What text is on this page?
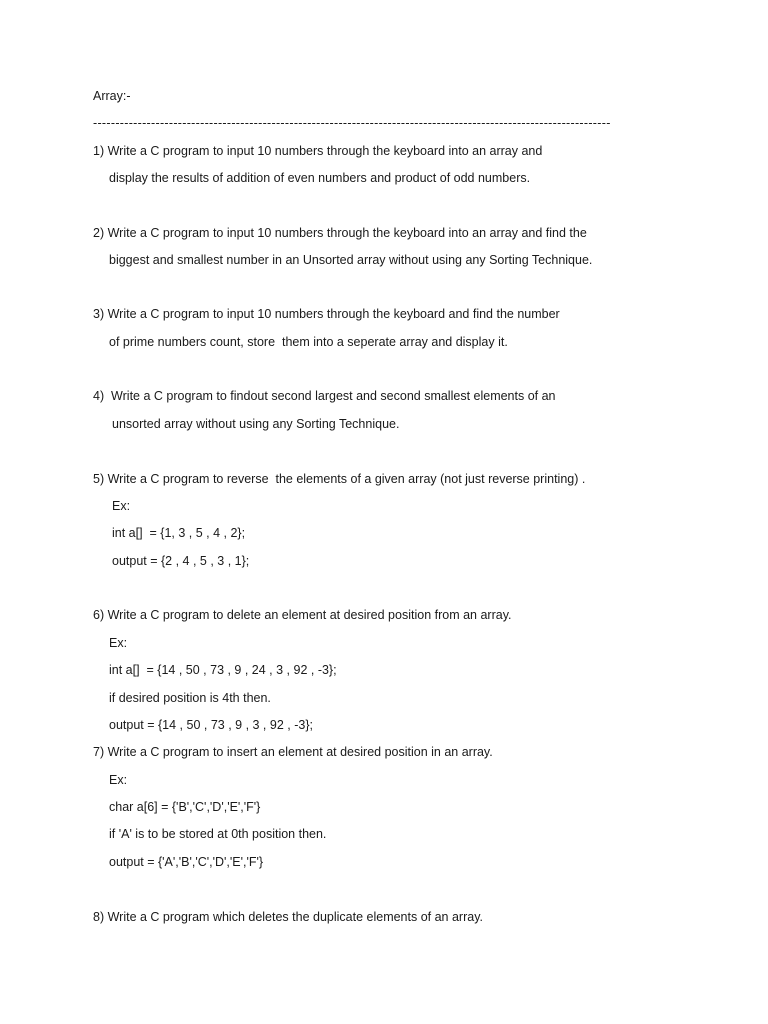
Array:-
--------------------------------------------------------------------------------------------------------------------
1) Write a C program to input 10 numbers through the keyboard into an array and
display the results of addition of even numbers and product of odd numbers.
2) Write a C program to input 10 numbers through the keyboard into an array and find the
biggest and smallest number in an Unsorted array without using any Sorting Technique.
3) Write a C program to input 10 numbers through the keyboard and find the number
of prime numbers count, store  them into a seperate array and display it.
4)  Write a C program to findout second largest and second smallest elements of an
unsorted array without using any Sorting Technique.
5) Write a C program to reverse  the elements of a given array (not just reverse printing) .
Ex:
int a[]  = {1, 3 , 5 , 4 , 2};
output = {2 , 4 , 5 , 3 , 1};
6) Write a C program to delete an element at desired position from an array.
Ex:
int a[]  = {14 , 50 , 73 , 9 , 24 , 3 , 92 , -3};
if desired position is 4th then.
output = {14 , 50 , 73 , 9 , 3 , 92 , -3};
7) Write a C program to insert an element at desired position in an array.
Ex:
char a[6] = {'B','C','D','E','F'}
if 'A' is to be stored at 0th position then.
output = {'A','B','C','D','E','F'}
8) Write a C program which deletes the duplicate elements of an array.
